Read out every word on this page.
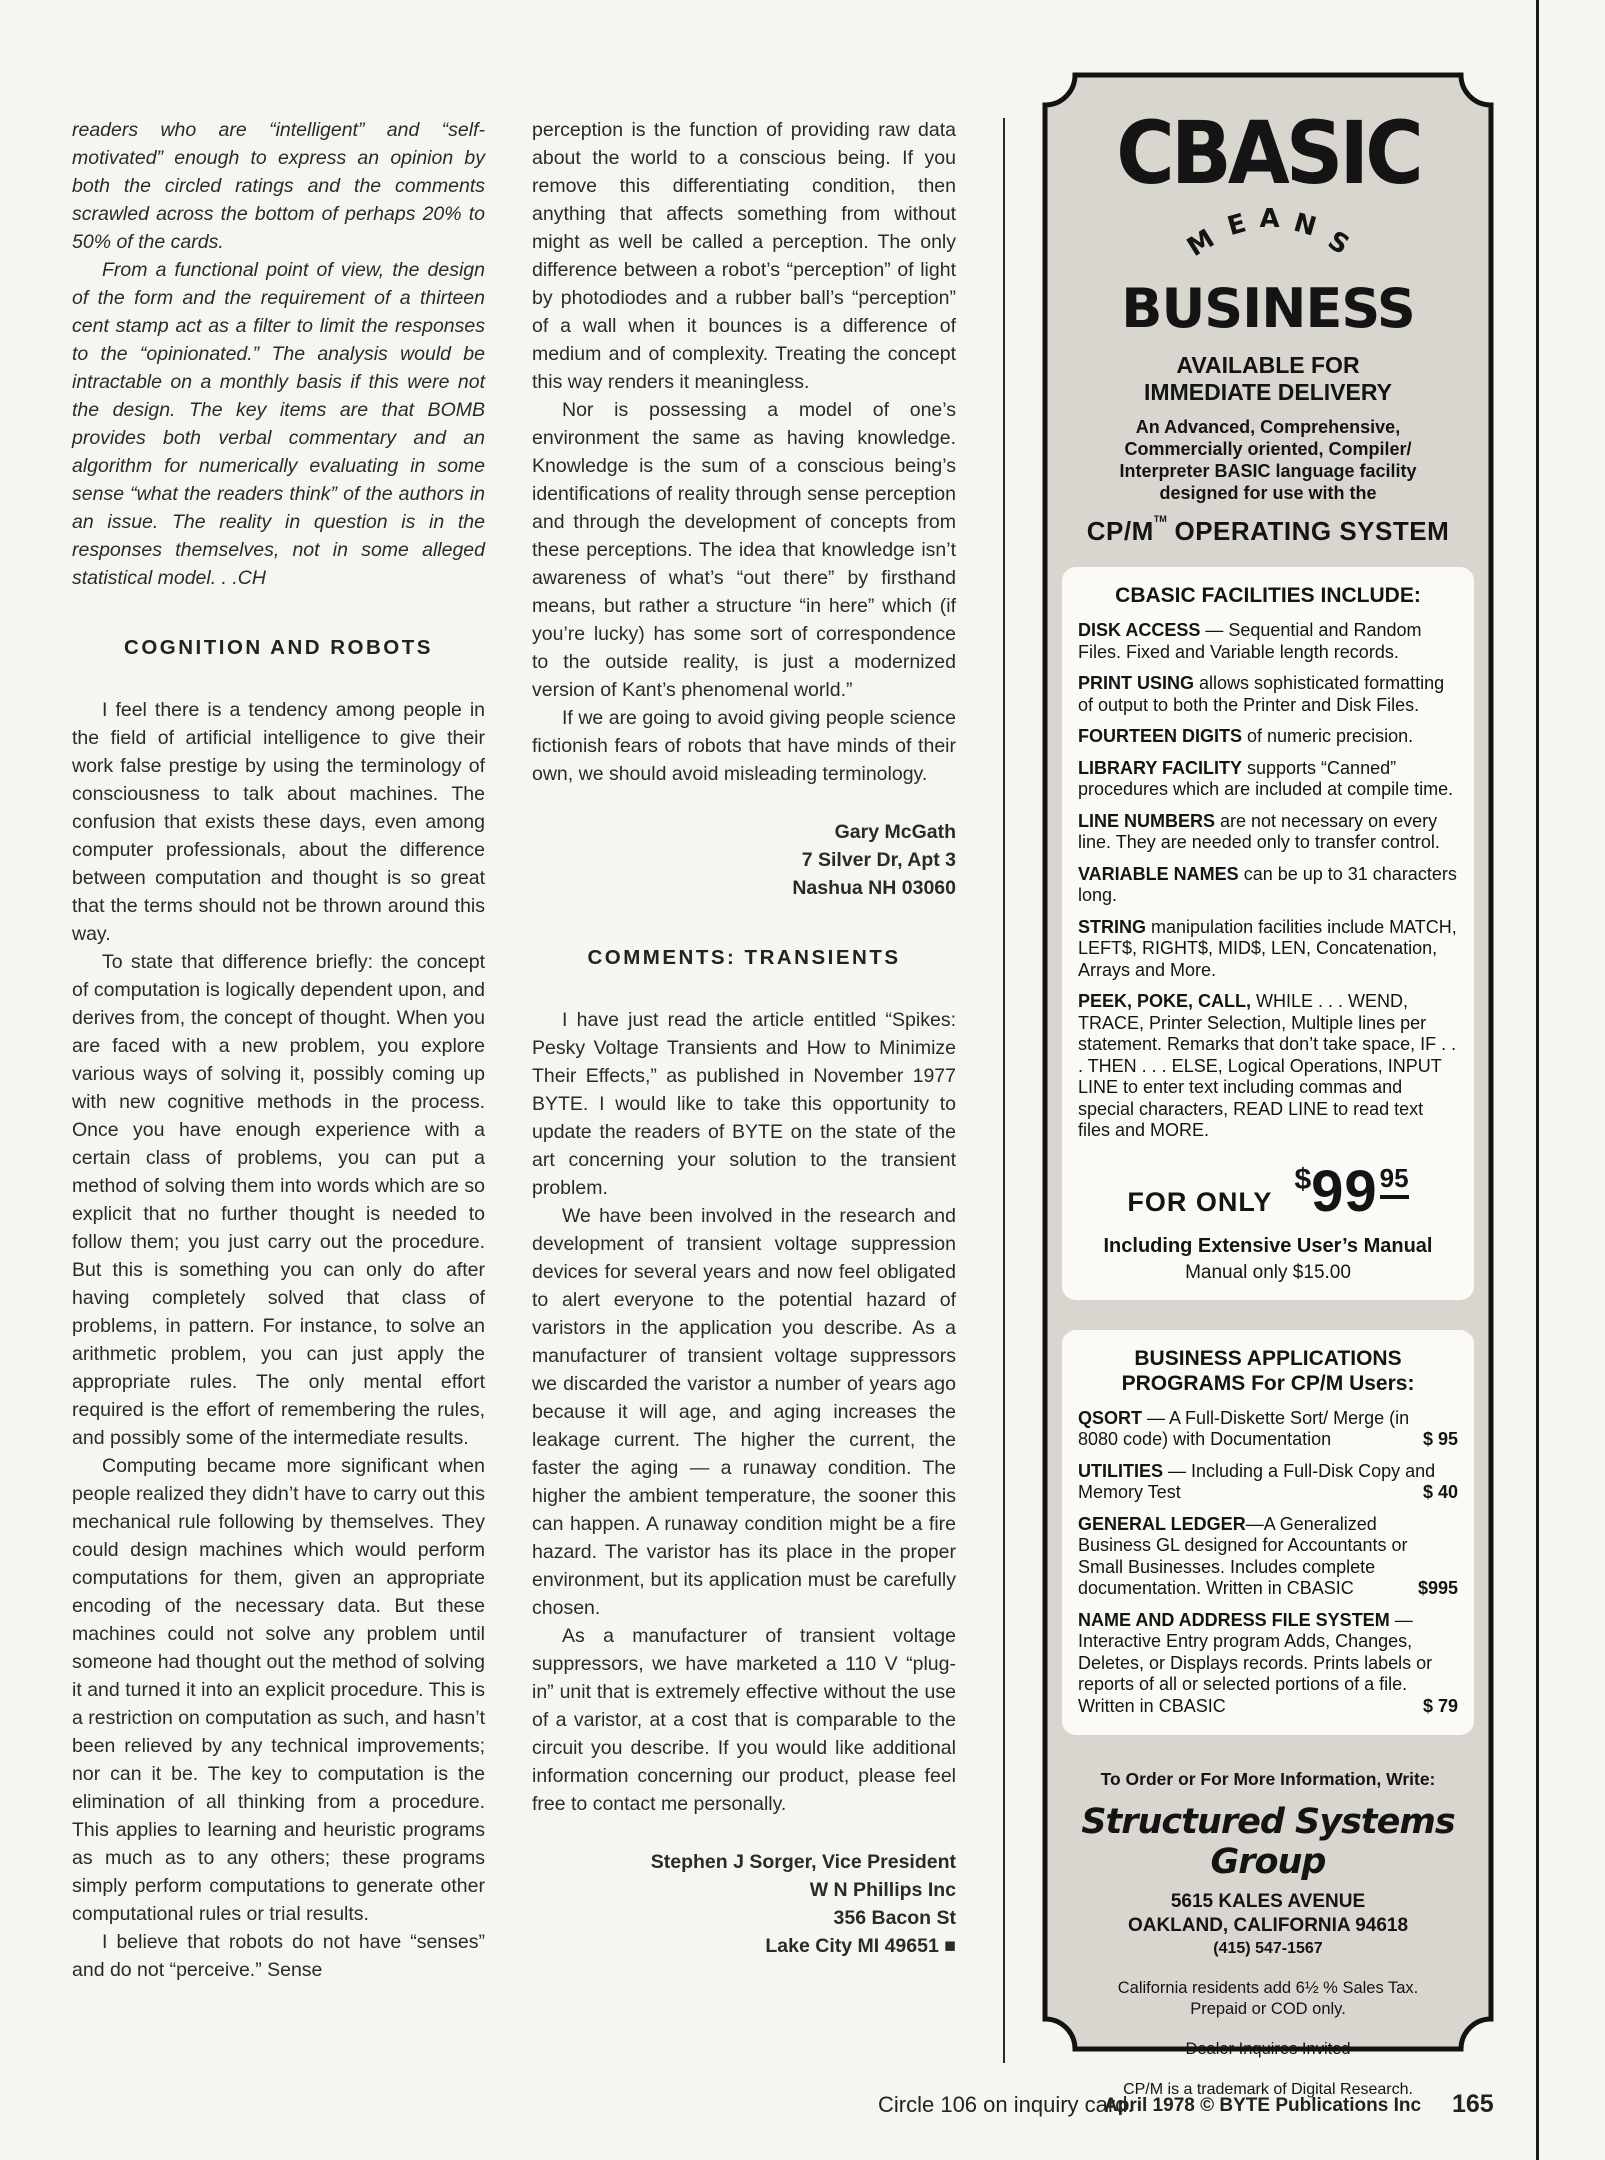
readers who are “intelligent” and “self-motivated” enough to express an opinion by both the circled ratings and the comments scrawled across the bottom of perhaps 20% to 50% of the cards.

From a functional point of view, the design of the form and the requirement of a thirteen cent stamp act as a filter to limit the responses to the “opinionated.” The analysis would be intractable on a monthly basis if this were not the design. The key items are that BOMB provides both verbal commentary and an algorithm for numerically evaluating in some sense “what the readers think” of the authors in an issue. The reality in question is in the responses themselves, not in some alleged statistical model. . .CH

COGNITION AND ROBOTS

I feel there is a tendency among people in the field of artificial intelligence to give their work false prestige by using the terminology of consciousness to talk about machines. The confusion that exists these days, even among computer professionals, about the difference between computation and thought is so great that the terms should not be thrown around this way.

To state that difference briefly: the concept of computation is logically dependent upon, and derives from, the concept of thought. When you are faced with a new problem, you explore various ways of solving it, possibly coming up with new cognitive methods in the process. Once you have enough experience with a certain class of problems, you can put a method of solving them into words which are so explicit that no further thought is needed to follow them; you just carry out the procedure. But this is something you can only do after having completely solved that class of problems, in pattern. For instance, to solve an arithmetic problem, you can just apply the appropriate rules. The only mental effort required is the effort of remembering the rules, and possibly some of the intermediate results.

Computing became more significant when people realized they didn’t have to carry out this mechanical rule following by themselves. They could design machines which would perform computations for them, given an appropriate encoding of the necessary data. But these machines could not solve any problem until someone had thought out the method of solving it and turned it into an explicit procedure. This is a restriction on computation as such, and hasn’t been relieved by any technical improvements; nor can it be. The key to computation is the elimination of all thinking from a procedure. This applies to learning and heuristic programs as much as to any others; these programs simply perform computations to generate other computational rules or trial results.

I believe that robots do not have “senses” and do not “perceive.” Sense

perception is the function of providing raw data about the world to a conscious being. If you remove this differentiating condition, then anything that affects something from without might as well be called a perception. The only difference between a robot’s “perception” of light by photodiodes and a rubber ball’s “perception” of a wall when it bounces is a difference of medium and of complexity. Treating the concept this way renders it meaningless.

Nor is possessing a model of one’s environment the same as having knowledge. Knowledge is the sum of a conscious being’s identifications of reality through sense perception and through the development of concepts from these perceptions. The idea that knowledge isn’t awareness of what’s “out there” by firsthand means, but rather a structure “in here” which (if you’re lucky) has some sort of correspondence to the outside reality, is just a modernized version of Kant’s phenomenal world.”

If we are going to avoid giving people science fictionish fears of robots that have minds of their own, we should avoid misleading terminology.

Gary McGath
7 Silver Dr, Apt 3
Nashua NH 03060
COMMENTS: TRANSIENTS

I have just read the article entitled “Spikes: Pesky Voltage Transients and How to Minimize Their Effects,” as published in November 1977 BYTE. I would like to take this opportunity to update the readers of BYTE on the state of the art concerning your solution to the transient problem.

We have been involved in the research and development of transient voltage suppression devices for several years and now feel obligated to alert everyone to the potential hazard of varistors in the application you describe. As a manufacturer of transient voltage suppressors we discarded the varistor a number of years ago because it will age, and aging increases the leakage current. The higher the current, the faster the aging — a runaway condition. The higher the ambient temperature, the sooner this can happen. A runaway condition might be a fire hazard. The varistor has its place in the proper environment, but its application must be carefully chosen.

As a manufacturer of transient voltage suppressors, we have marketed a 110 V “plug-in” unit that is extremely effective without the use of a varistor, at a cost that is comparable to the circuit you describe. If you would like additional information concerning our product, please feel free to contact me personally.

Stephen J Sorger, Vice President
W N Phillips Inc
356 Bacon St
Lake City MI 49651 ■
CBASIC
M E A NS
BUSINESS
AVAILABLE FOR
IMMEDIATE DELIVERY
An Advanced, Comprehensive, Commercially oriented, Compiler/ Interpreter BASIC language facility designed for use with the
CP/M™ OPERATING SYSTEM
CBASIC FACILITIES INCLUDE:

DISK ACCESS — Sequential and Random Files. Fixed and Variable length records.

PRINT USING allows sophisticated formatting of output to both the Printer and Disk Files.

FOURTEEN DIGITS of numeric precision.

LIBRARY FACILITY supports “Canned” procedures which are included at compile time.

LINE NUMBERS are not necessary on every line. They are needed only to transfer control.

VARIABLE NAMES can be up to 31 characters long.

STRING manipulation facilities include MATCH, LEFT$, RIGHT$, MID$, LEN, Concatenation, Arrays and More.

PEEK, POKE, CALL, WHILE . . . WEND, TRACE, Printer Selection, Multiple lines per statement. Remarks that don’t take space, IF . . . THEN . . . ELSE, Logical Operations, INPUT LINE to enter text including commas and special characters, READ LINE to read text files and MORE.

FOR ONLY
$9995
Including Extensive User’s Manual
Manual only $15.00
BUSINESS APPLICATIONS
PROGRAMS For CP/M Users:

QSORT — A Full-Diskette Sort/ Merge (in 8080 code) with Documentation	$ 95

UTILITIES — Including a Full-Disk Copy and Memory Test	$ 40

GENERAL LEDGER—A Generalized Business GL designed for Accountants or Small Businesses. Includes complete documentation. Written in CBASIC	$995

NAME AND ADDRESS FILE SYSTEM — Interactive Entry program Adds, Changes, Deletes, or Displays records. Prints labels or reports of all or selected portions of a file. Written in CBASIC	$ 79

To Order or For More Information, Write:
Structured Systems Group
5615 KALES AVENUE
OAKLAND, CALIFORNIA 94618
(415) 547-1567
California residents add 6½ % Sales Tax.
Prepaid or COD only.
Dealer Inquires Invited
CP/M is a trademark of Digital Research.
Circle 106 on inquiry card.
April 1978 © BYTE Publications Inc 165
